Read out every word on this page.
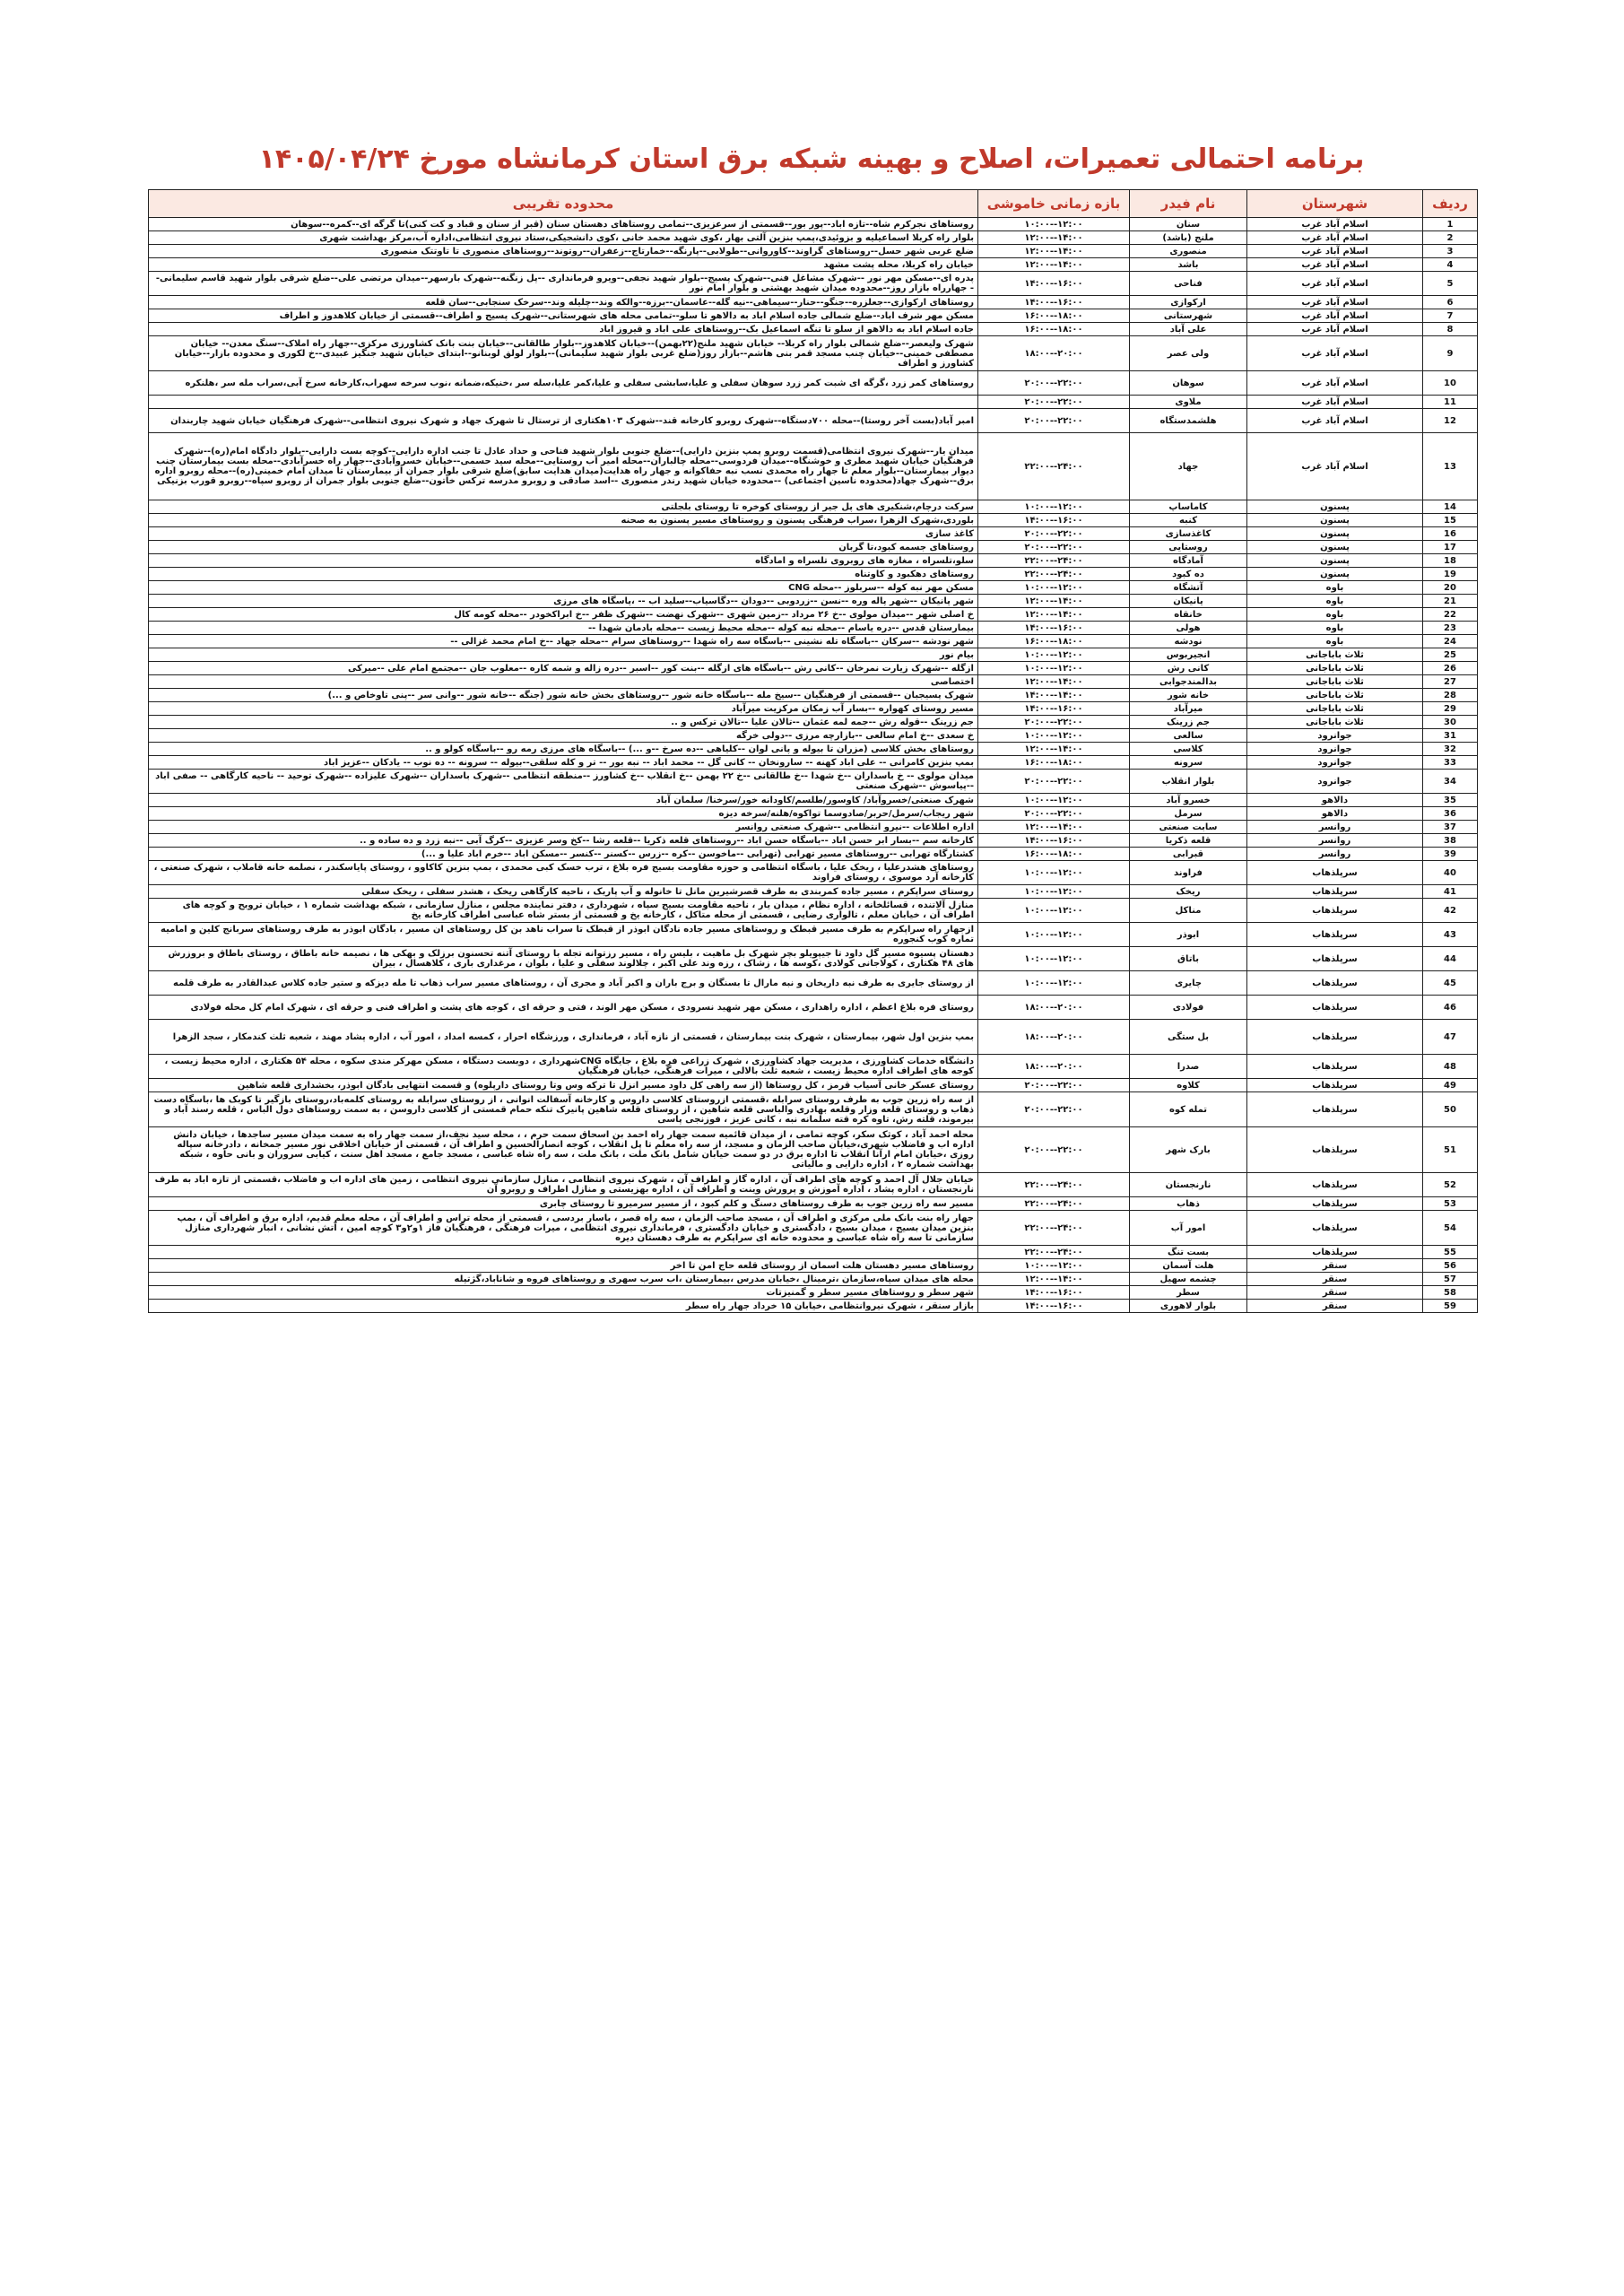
برنامه احتمالی تعمیرات، اصلاح و بهینه شبکه برق استان کرمانشاه مورخ ۱۴۰۵/۰۴/۲۴
ردیف	شهرستان	نام فیدر	بازه زمانی خاموشی	محدوده تقریبی
1	اسلام آباد غرب	سنان	۱۰:۰۰--۱۲:۰۰	روستاهای نجرکرم شاه--تازه اباد--پور بور--قسمتی از سرعزیزی--تمامی روستاهای دهستان سنان (قبر از سنان و قباد و کت کنی)تا گرگه ای--کمره--سوهان
2	اسلام آباد غرب	ملنج (باشد)	۱۲:۰۰--۱۴:۰۰	بلوار راه کربلا اسماعیلیه و بزوئیدی،پمپ بنزین آلتی بهار ،کوی شهید محمد خانی ،کوی دانشجیکی،ستاد نیروی انتظامی،اداره آب،مرکز بهداشت شهری
3	اسلام آباد غرب	منصوری	۱۲:۰۰--۱۴:۰۰	ضلع غربی شهر حسل--روستاهای گراوند--کاوروانی--طولابی--پارنگه--خمارتاج--زعفران--روتوند--روستاهای منصوری تا تاوتتک منصوری
4	اسلام آباد غرب	باشد	۱۲:۰۰--۱۴:۰۰	خیابان راه کربلا، محله پشت مشهد
5	اسلام آباد غرب	فناحی	۱۴:۰۰--۱۶:۰۰	پدره ای--مسکن مهر نور --شهرک مشاغل فنی--شهرک پسیج--بلوار شهید نجفی--ویرو فرمانداری --پل زنگنه--شهرک بارسهر--میدان مرتضی علی--ضلع شرقی بلوار شهید قاسم سلیمانی-- جهارراه بازار روز--محدوده میدان شهید بهشتی و بلوار امام نور
6	اسلام آباد غرب	ارکوازی	۱۴:۰۰--۱۶:۰۰	روستاهای ارکوازی--جعلزره--جنگو--حنار--سیماهی--نیه گله--عاسمان--برزه--والکه وند--چلیله وند--سرخک سنجابی--سان قلعه
7	اسلام آباد غرب	شهرستانی	۱۶:۰۰--۱۸:۰۰	مسکن مهر شرف اباد--ضلع شمالی جاده اسلام اباد به دالاهو تا سلو--تمامی محله های شهرستانی--شهرک پسیج و اطراف--قسمتی از خیابان کلاهدوز و اطراف
8	اسلام آباد غرب	علی آباد	۱۶:۰۰--۱۸:۰۰	جاده اسلام اباد به دالاهو از سلو تا تنگه اسماعیل بک--روستاهای علی اباد و قیروز اباد
9	اسلام آباد غرب	ولی عصر	۱۸:۰۰--۲۰:۰۰	شهرک ولیعصر--ضلع شمالی بلوار راه کربلا-- خیابان شهید ملنج(۲۲بهمن)--خیابان کلاهدوز--بلوار طالقانی--خیابان بنت بانک کشاورزی مرکزی--جهار راه املاک--سنگ معدن-- خیابان مصطفی خمینی--خیابان چنب مسجد قمر بنی هاشم--بازار روز(ضلع غربی بلوار شهید سلیمانی)--بلوار لولق لوبنانو--ابتدای خیابان شهید جنگیز عبیدی--خ لکوری و محدوده بازار--خیابان کشاورز و اطراف
10	اسلام آباد غرب	سوهان	۲۰:۰۰--۲۲:۰۰	روستاهای کمر زرد ،گرگه ای شبت کمر زرد سوهان سفلی و علیا،سابشی سفلی و علیا،کمر علیا،سله سر ،خنیکه،ضمانه ،نوب سرخه سهراب،کارخانه سرخ آبی،سراب مله سر ،هلنکره
11	اسلام آباد غرب	ملاوی	۲۰:۰۰--۲۲:۰۰	
12	اسلام آباد غرب	هلشمدستگاه	۲۰:۰۰--۲۲:۰۰	امبر آباد(بست آخر روستا)--محله ۷۰۰دستگاه--شهرک روبرو کارخانه قند--شهرک ۱۰۳هکتاری از ترستال تا شهرک جهاد و شهرک نیروی انتظامی--شهرک فرهنگیان خیابان شهید چاربندان
13	اسلام آباد غرب	جهاد	۲۲:۰۰--۲۴:۰۰	میدان یار--شهرک نیروی انتظامی(قسمت روبرو پمپ بنزین دارایی)--ضلع جنوبی بلوار شهید فناحی و حداد عادل تا جنب اداره دارایی--کوچه بست دارایی--بلوار دادگاه امام(ره)--شهرک فرهنگیان خیابان شهید مطری و خوشنگاه--میدان فردوسی--محله چالباران--محله امیر آب روستایی--محله سید حسمی--خیابان خسروآبادی--جهار راه خسرآبادی--محله بست بیمارستان چنب دیوار بیمارستان--بلوار معلم تا جهار راه محمدی نسب نبه حفاکوانه و جهار راه هدایت(میدان هدایت سابق)ضلع شرقی بلوار جمران از بیمارستان تا میدان امام خمینی(ره)--محله روبرو اداره برق--شهرک جهاد(محدوده ناسین اجتماعی) --محدوده خیابان شهید رندر منصوری --اسد صادقی و روبرو مدرسه ترکس خاتون--ضلع جنوبی بلوار جمران از روبرو سپاه--روبرو قورب بزنیکی
14	پسنون	کاماساپ	۱۰:۰۰--۱۲:۰۰	سرکت درچام،شنکیری های پل جیر از روستای کوخره تا روستای بلجلتی
15	پسنون	کنبه	۱۴:۰۰--۱۶:۰۰	بلوردی،شهرک الزهرا ،سراب فرهنگی پسنون و روستاهای مسیر پسنون به صحنه
16	پسنون	کاغذسازی	۲۰:۰۰--۲۲:۰۰	کاغذ سازی
17	پسنون	روستایی	۲۰:۰۰--۲۲:۰۰	روستاهای جسمه کبود،تا گربان
18	پسنون	آمادگاه	۲۲:۰۰--۲۴:۰۰	سلو،تلسراه ، مغازه های روبروی تلسراه و امادگاه
19	پسنون	ده کبود	۲۲:۰۰--۲۴:۰۰	روستاهای دهکبود و کاوتناه
20	باوه	آتشگاه	۱۰:۰۰--۱۲:۰۰	مسکن مهر نبه کوله --سربلوز --محله CNG
21	باوه	پانیکان	۱۲:۰۰--۱۴:۰۰	شهر پانیکان --شهر پاله وره --نسن --زردوبی --دودان --دگاسیاب--سلید اب -- ،پاسگاه های مرزی
22	باوه	خانقاه	۱۲:۰۰--۱۴:۰۰	خ اصلی شهر --میدان مولوی --خ ۲۶ مرداد --زمین شهری --شهرک نهضت --شهرک ظفر --خ ابراکخودر --محله کومه کال
23	باوه	هولی	۱۴:۰۰--۱۶:۰۰	بیمارستان قدس --دره یاسام --محله نبه کوله --محله محیط زیست --محله بادمان شهدا --
24	باوه	نودشه	۱۶:۰۰--۱۸:۰۰	شهر نودشه --سرکان --باسگاه تله نشینی --باسگاه سه راه شهدا --روستاهای سرام --محله جهاد --خ امام محمد غزالی --
25	ثلاث باباجانی	انجیربوس	۱۰:۰۰--۱۲:۰۰	بیام نور
26	ثلاث باباجانی	کانی رش	۱۰:۰۰--۱۲:۰۰	ازگله --شهرک زیارت نمرخان --کانی رش --باسگاه های ازگله --بنت کور --اسبر --دره زاله و شمه کاره --معلوب جان --مجتمع امام علی --میرکی
27	ثلاث باباجانی	بدالمندجوابی	۱۲:۰۰--۱۴:۰۰	اختصاصی
28	ثلاث باباجانی	خانه شور	۱۴:۰۰--۱۴:۰۰	شهرک پسیجبان --قسمتی از فرهنگیان --سیخ مله --باسگاه خانه شور --روستاهای بخش خانه شور (جنگه --خانه شور --وانی سر --پنی تاوخاص و ...)
29	ثلاث باباجانی	میرآباد	۱۴:۰۰--۱۶:۰۰	مسیر روستای کهواره --بسار آب زمکان مرکزیت میرآباد
30	ثلاث باباجانی	جم زرینک	۲۰:۰۰--۲۲:۰۰	جم زرینک --قوله رش --جمه لمه عثمان --تالان علیا --تالان ترکس و ..
31	جوانرود	سالعی	۱۰:۰۰--۱۲:۰۰	خ سعدی --خ امام سالعی --بازارچه مرزی --دولی خرگه
32	جوانرود	کلاسی	۱۲:۰۰--۱۴:۰۰	روستاهای بخش کلاسی (مزران تا بیوله و پانی لوان --کلیاهی --ده سرخ --و ...) --باسگاه های مرزی رمه رو --باسگاه کولو و ..
33	جوانرود	سرونه	۱۶:۰۰--۱۸:۰۰	بمپ بنزین کامرانی -- علی اباد کهنه -- سارونخان -- کانی گل -- محمد اباد -- نبه بور -- تر و کله سلقی--بیوله -- سرونه -- ده نوب -- یادکان --عزیز اباد
34	جوانرود	بلوار انقلاب	۲۰:۰۰--۲۲:۰۰	میدان مولوی -- خ باسداران --خ شهدا --خ طالقانی --خ ۲۲ بهمن --خ انقلاب --خ کشاورز --منطقه انتظامی --شهرک باسداران --شهرک علیزاده --شهرک توحید -- ناحیه کارگاهی -- صفی اباد --پیاسوش --شهرک صنعتی
35	دالاهو	خسرو آباد	۱۰:۰۰--۱۲:۰۰	شهرک صنعتی/خسروآباد/ کاوسور/طلسم/کاودانه خور/سرخنا/ سلمان آباد
36	دالاهو	سرمل	۲۰:۰۰--۲۲:۰۰	شهر ریجاب/سرمل/حربر/صادوسما تواکوه/هلنه/سرخه دیزه
37	روانسر	سابت صنعتی	۱۲:۰۰--۱۴:۰۰	اداره اطلاعات --نیرو انتظامی --شهرک صنعتی روانسر
38	روانسر	قلعه ذکریا	۱۴:۰۰--۱۶:۰۰	کارخانه سم --بسار ابر حسن اباد --باسگاه حسن اباد --روستاهای قلعه ذکریا --قلعه رشا --کخ وسر عزیزی --کرگ آبی --نبه زرد و ده ساده و ..
39	روانسر	قبرابی	۱۶:۰۰--۱۸:۰۰	کشتارگاه تهرابی --روستاهای مسیر تهرابی (تهرابی --ماخوسن --کره --زرس --کسنر --کنسر --مسکن اباد --خرم اباد علیا و ...)
40	سرپلذهاب	فراوند	۱۰:۰۰--۱۲:۰۰	روستاهای هشدرعلیا ، ریخک علیا ، باسگاه انتظامی و حوزه مقاومت بسیج فره بلاغ ، ترب خسک کبی محمدی ، بمپ بنزین کاکاوو ، روستای پایاسکندر ، نصلمه خانه قاملاب ، شهرک صنعتی ، کارخانه آرد موسوی ، روستای فراوند
41	سرپلذهاب	ریخک	۱۰:۰۰--۱۲:۰۰	روستای سراپکرم ، مسیر جاده کمربندی به طرف قصرشیرین مانل تا خانوله و آب پاریک ، ناحیه کارگاهی ریخک ، هشدر سفلی ، ریخک سفلی
42	سرپلذهاب	مناکل	۱۰:۰۰--۱۲:۰۰	منازل آلاتنده ، قسائلخانه ، اداره نظام ، میدان یار ، ناحیه مقاومت بسیج سپاه ، شهرداری ، دفتر نماینده مجلس ، منازل سازمانی ، شبکه بهداشت شماره ۱ ، خیابان تروبح و کوچه های اطراف آن ، خیابان معلم ، تالواری رضایی ، قسمتی از محله متاکل ، کارخانه یخ و قسمتی از بستر شاه عباسی اطراف کارخانه یخ
43	سرپلذهاب	ابوذر	۱۰:۰۰--۱۲:۰۰	ازجهار راه سراپکرم به طرف مسیر قبطک و روستاهای مسیر جاده نادگان ابوذر از قبطک تا سراب ناهد بن کل روستاهای ان مسیر ، بادگان ابوذر به طرف روستاهای سربانج کلین و امامیه تماره کوب کنجوره
44	سرپلذهاب	باتاق	۱۰:۰۰--۱۲:۰۰	دهستان پسیوه مسیر گل داود تا جیپویلو بچر شهرک بل ماهیت ، بلیس راه ، مسیر رزتوانه تجله با روستای آتنه تحسنون برزلک و بهکی ها ، نصیمه خانه باطاق ، روستای باطاق و بروزرش های ۴۸ هکتاری ، کولاجانی کولادی ،کوسه ها ، زشاک ، رزه وند علی اکبر ، چلالوند سفلی و علیا ، بلوان ، مرغداری باری ، کلاهسال ، بیران
45	سرپلذهاب	چایری	۱۰:۰۰--۱۲:۰۰	از روستای جایری به طرف نبه داریخان و نبه مارال تا بسنگان و برج باران و اکبر آباد و مجری آن ، روستاهای مسیر سراب ذهاب تا مله دیزکه و ستیر جاده کلاس عبدالقادر به طرف قلمه
46	سرپلذهاب	فولادی	۱۸:۰۰--۲۰:۰۰	روستای فره بلاغ اعظم ، اداره راهداری ، مسکن مهر شهید نسرودی ، مسکن مهر الوند ، فتی و حرقه ای ، کوجه های پشت و اطراف فنی و حرقه ای ، شهرک امام کل محله فولادی
47	سرپلذهاب	بل ستگی	۱۸:۰۰--۲۰:۰۰	بمپ بنزین اول شهر، بیمارستان ، شهرک بنت بیمارستان ، قسمتی از نازه آباد ، فرمانداری ، ورزشگاه احرار ، کمسه امداد ، امور آب ، اداره پشاد مهند ، شعبه ثلث کندمکار ، سجد الزهرا
48	سرپلذهاب	صدرا	۱۸:۰۰--۲۰:۰۰	دانشگاه خدمات کشاورزی ، مدیریت جهاد کشاورزی ، شهرک زراعی فره بلاغ ، جایگاه CNGشهرداری ، دوبست دستگاه ، مسکن مهرکر مندی سکوه ، محله ۵۴ هکتاری ، اداره محیط زیست ، کوجه های اطراف اداره محیط زیست ، شعبه ثلث بالالی ، میرات فرهنگی، خیابان فرهنگیان
49	سرپلذهاب	کلاوه	۲۰:۰۰--۲۲:۰۰	روستای عسکر خانی آسیاب قرمز ، کل روستاها (از سه راهی کل داود مسیر انزل تا ترکه وس وتا روستای دارپلوه) و قسمت انتهایی بادگان ابوذر، بخشداری قلعه شاهین
50	سرپلذهاب	تمله کوه	۲۰:۰۰--۲۲:۰۰	از سه راه زرین جوب به طرف روستای سرابله ،قسمتی ازروستای کلاسی داروس و کارخانه آسفالت انوانی ، از روستای سرابله به روستای کلمه‌باد،روستای بازگیر تا کوبک ها ،باسگاه دست ذهاب و روستای قلعه وزار وقلعه بهادری والباسی قلعه شاهین ، از روستای قلعه شاهین پانیرک تنکه حمام قمستی از کلاسی داروسن ، به سمت روستاهای دول الباس ، قلعه رسند آباد و بیرموند، قلته رش، تاوه کره قته سلمانه نبه ، کانی عزیز ، فوزنجی پاسی
51	سرپلذهاب	بارک شهر	۲۰:۰۰--۲۲:۰۰	محله احمد آباد ، کوثک سکر، کوچه تمامی ، از میدان قائمیه سمت جهار راه احمد بن اسحاق سمت حرم ، ، محله سید نجف،از سمت جهار راه به سمت میدان مسیر ساجدها ، خیابان دانش اداره اب و فاضلاب شهری،خیابان صاحب الزمان و مسجد، از سه راه معلم تا پل انقلاب ، کوجه انصارالحسین و اطراف آن ، قسمتی از خیابان اخلاقی نور مسیر جمخانه ، دادرخانه سپاله روزی ،خیابان امام ارآنا انقلاب تا اداره برق در دو سمت خیابان شامل بانک ملت ، بانک ملت ، سه راه شاه عباسی ، مسجد جامع ، مسجد اهل سنت ، کیابی سروران و بانی حاوه ، شبکه بهداشت شماره ۲ ، اداره دارایی و مالیاتی
52	سرپلذهاب	نارنجستان	۲۲:۰۰--۲۴:۰۰	خیابان جلال آل احمد و کوچه های اطراف آن ، اداره گاز و اطراف آن ، شهرک نیروی انتظامی ، منازل سازمانی نیروی انتظامی ، زمین های اداره اب و فاضلاب ،قسمتی از تازه اباد به طرف نارنجستان ، اداره پشاد ، اداره آموزش و پرورش وینت و اطراف آن ، اداره بهزیستی و منازل اطراف و روبرو آن
53	سرپلذهاب	ذهاب	۲۲:۰۰--۲۴:۰۰	مسیر سه راه زرین جوب به طرف روستاهای دسنگ و کلم کبود ، از مسیر سرمیرو تا روستای چابری
54	سرپلذهاب	امور آب	۲۲:۰۰--۲۴:۰۰	جهار راه بنت بانک ملی مرکزی و اطراف آن ، مسجد صاحب الزمان ، سه راه قصر ، باسار بردسی ، قسمتی از محله تراس و اطراف آن ، محله معلم قدیم، اداره برق و اطراف آن ، بمپ بنزین میدان بسیج ، میدان بسیج ، دادگستری و خیابان دادگستری ، فرمانداری نیروی انتظامی ، میرات فرهنگی ، فرهنگیان فاز ۱و۲و۳ کوچه امین ، آتش نشانی ، انبار شهرداری منازل سازمانی تا سه راه شاه عباسی و محدوده خانه ای سراپکرم به طرف دهستان دیره
55	سرپلذهاب	بست تنگ	۲۲:۰۰--۲۴:۰۰	
56	سنقر	هلت آسمان	۱۰:۰۰--۱۲:۰۰	روستاهای مسیر دهستان هلت اسمان از روستای قلعه حاج امن تا اخر
57	سنقر	چشمه سهیل	۱۲:۰۰--۱۴:۰۰	محله های میدان سپاه،سازمان ،ترمینال ،خیابان مدرس ،بیمارستان ،اب سرب سهری و روستاهای فروه و شاناباد،گژتپله
58	سنقر	سطر	۱۴:۰۰--۱۶:۰۰	شهر سطر و روستاهای مسیر سطر و گمنیزتات
59	سنقر	بلوار لاهوری	۱۴:۰۰--۱۶:۰۰	بازار سنقر ، شهرک نیروانتظامی ،خیابان ۱۵ خرداد جهار راه سطر
